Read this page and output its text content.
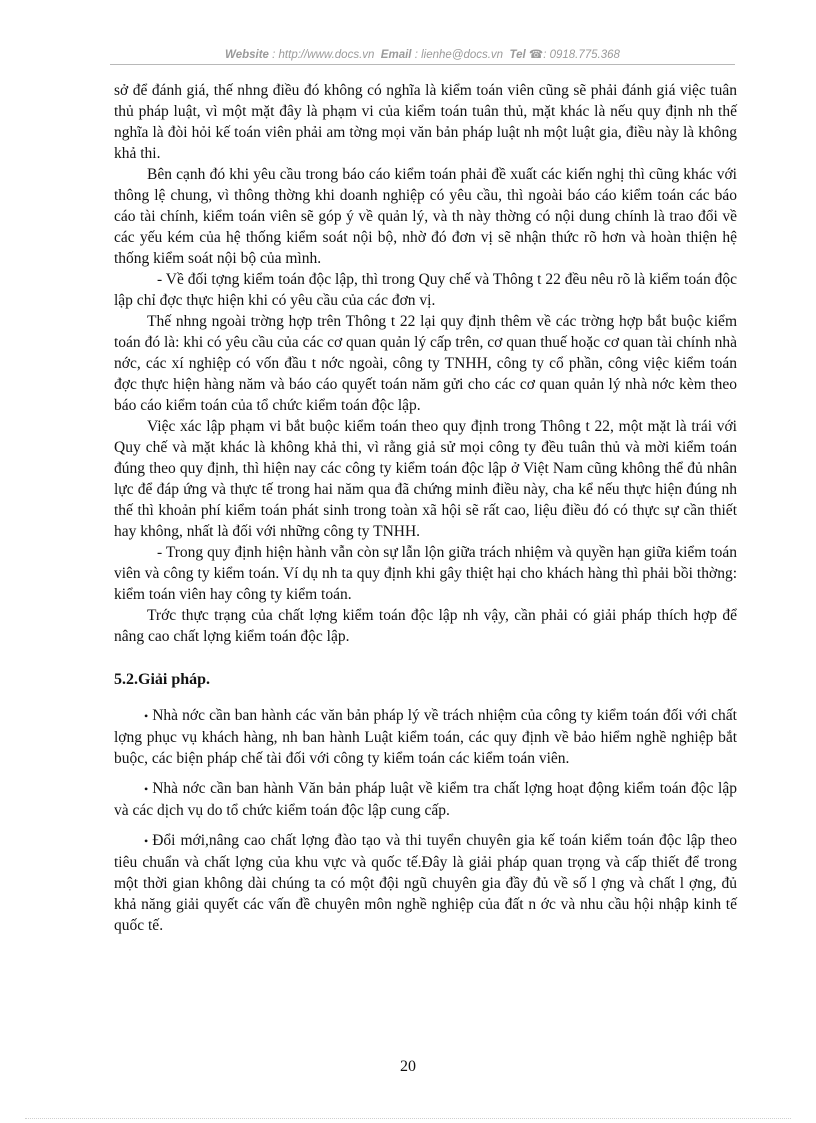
Website : http://www.docs.vn Email : lienhe@docs.vn Tel ☎: 0918.775.368

sở để đánh giá, thế nhng điều đó không có nghĩa là kiểm toán viên cũng sẽ phải đánh giá việc tuân thủ pháp luật, vì một mặt đây là phạm vi của kiểm toán tuân thủ, mặt khác là nếu quy định nh thế nghĩa là đòi hỏi kế toán viên phải am tờng mọi văn bản pháp luật nh một luật gia, điều này là không khả thi.

Bên cạnh đó khi yêu cầu trong báo cáo kiểm toán phải đề xuất các kiến nghị thì cũng khác với thông lệ chung, vì thông thờng khi doanh nghiệp có yêu cầu, thì ngoài báo cáo kiểm toán các báo cáo tài chính, kiểm toán viên sẽ góp ý về quản lý, và th này thờng có nội dung chính là trao đổi về các yếu kém của hệ thống kiểm soát nội bộ, nhờ đó đơn vị sẽ nhận thức rõ hơn và hoàn thiện hệ thống kiểm soát nội bộ của mình.

- Về đối tợng kiểm toán độc lập, thì trong Quy chế và Thông t 22 đều nêu rõ là kiểm toán độc lập chỉ đợc thực hiện khi có yêu cầu của các đơn vị.

Thế nhng ngoài trờng hợp trên Thông t 22 lại quy định thêm về các trờng hợp bắt buộc kiểm toán đó là: khi có yêu cầu của các cơ quan quản lý cấp trên, cơ quan thuế hoặc cơ quan tài chính nhà nớc, các xí nghiệp có vốn đầu t nớc ngoài, công ty TNHH, công ty cổ phần, công việc kiểm toán đợc thực hiện hàng năm và báo cáo quyết toán năm gửi cho các cơ quan quản lý nhà nớc kèm theo báo cáo kiểm toán của tổ chức kiểm toán độc lập.

Việc xác lập phạm vi bắt buộc kiểm toán theo quy định trong Thông t 22, một mặt là trái với Quy chế và mặt khác là không khả thi, vì rằng giả sử mọi công ty đều tuân thủ và mời kiểm toán đúng theo quy định, thì hiện nay các công ty kiểm toán độc lập ở Việt Nam cũng không thể đủ nhân lực để đáp ứng và thực tế trong hai năm qua đã chứng minh điều này, cha kể nếu thực hiện đúng nh thế thì khoản phí kiểm toán phát sinh trong toàn xã hội sẽ rất cao, liệu điều đó có thực sự cần thiết hay không, nhất là đối với những công ty TNHH.

- Trong quy định hiện hành vẫn còn sự lẫn lộn giữa trách nhiệm và quyền hạn giữa kiểm toán viên và công ty kiểm toán. Ví dụ nh ta quy định khi gây thiệt hại cho khách hàng thì phải bồi thờng: kiểm toán viên hay công ty kiểm toán.

Trớc thực trạng của chất lợng kiểm toán độc lập nh vậy, cần phải có giải pháp thích hợp để nâng cao chất lợng kiểm toán độc lập.

5.2.Giải pháp.

• Nhà nớc cần ban hành các văn bản pháp lý về trách nhiệm của công ty kiểm toán đối với chất lợng phục vụ khách hàng, nh ban hành Luật kiểm toán, các quy định về bảo hiểm nghề nghiệp bắt buộc, các biện pháp chế tài đối với công ty kiểm toán các kiểm toán viên.

• Nhà nớc cần ban hành Văn bản pháp luật về kiểm tra chất lợng hoạt động kiểm toán độc lập và các dịch vụ do tổ chức kiểm toán độc lập cung cấp.

• Đổi mới,nâng cao chất lợng đào tạo và thi tuyển chuyên gia kế toán kiểm toán độc lập theo tiêu chuẩn và chất lợng của khu vực và quốc tế.Đây là giải pháp quan trọng và cấp thiết để trong một thời gian không dài chúng ta có một đội ngũ chuyên gia đầy đủ về số l ợng và chất l ợng, đủ khả năng giải quyết các vấn đề chuyên môn nghề nghiệp của đất n ớc và nhu cầu hội nhập kinh tế quốc tế.

20
